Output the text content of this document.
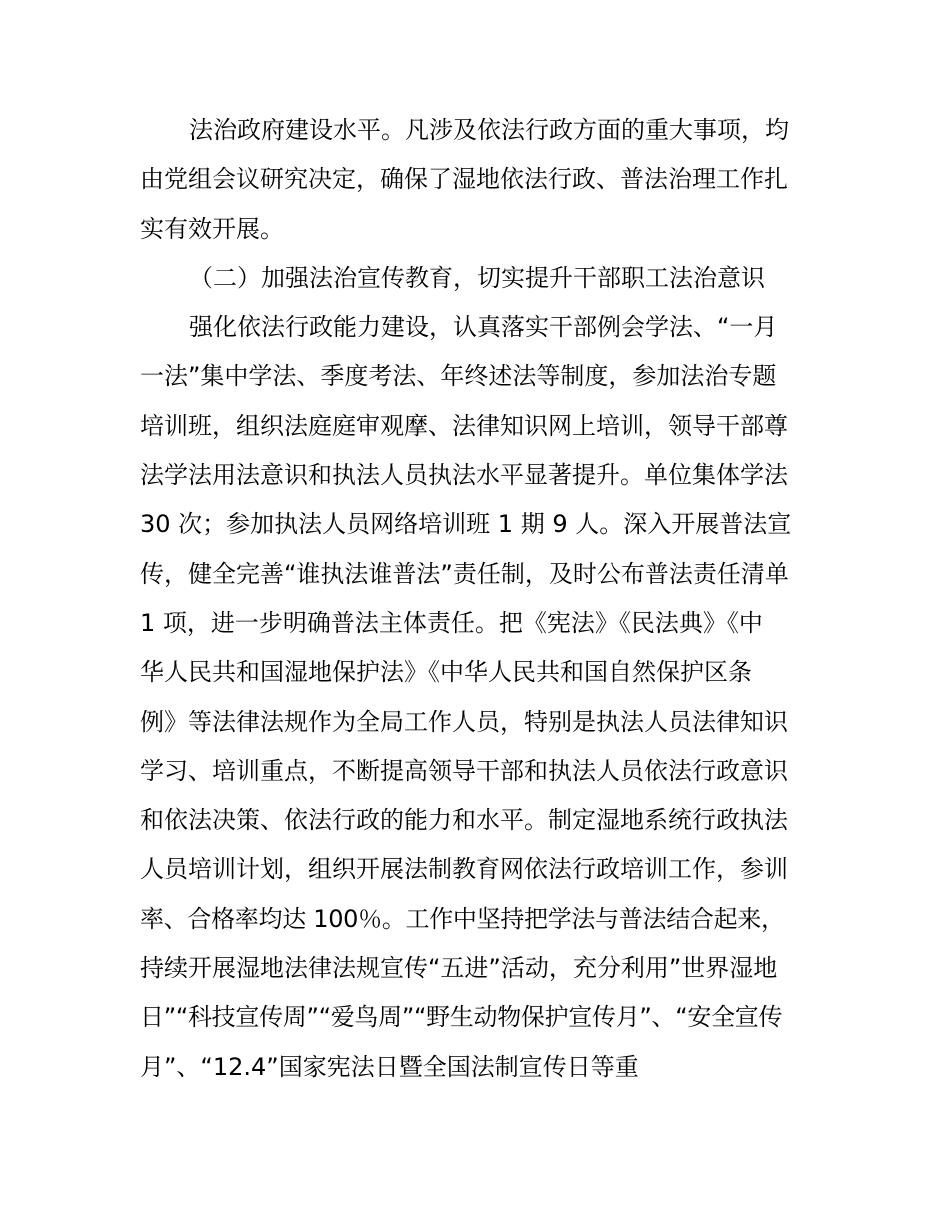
法治政府建设水平。凡涉及依法行政方面的重大事项，均
由党组会议研究决定，确保了湿地依法行政、普法治理工作扎
实有效开展。
（二）加强法治宣传教育，切实提升干部职工法治意识
强化依法行政能力建设，认真落实干部例会学法、“一月
一法”集中学法、季度考法、年终述法等制度，参加法治专题
培训班，组织法庭庭审观摩、法律知识网上培训，领导干部尊
法学法用法意识和执法人员执法水平显著提升。单位集体学法
30 次；参加执法人员网络培训班 1 期 9 人。深入开展普法宣
传，健全完善“谁执法谁普法”责任制，及时公布普法责任清单
1 项，进一步明确普法主体责任。把《宪法》《民法典》《中
华人民共和国湿地保护法》《中华人民共和国自然保护区条
例》等法律法规作为全局工作人员，特别是执法人员法律知识
学习、培训重点，不断提高领导干部和执法人员依法行政意识
和依法决策、依法行政的能力和水平。制定湿地系统行政执法
人员培训计划，组织开展法制教育网依法行政培训工作，参训
率、合格率均达 100％。工作中坚持把学法与普法结合起来，
持续开展湿地法律法规宣传“五进”活动，充分利用”世界湿地
日”“科技宣传周”“爱鸟周”“野生动物保护宣传月”、“安全宣传
月”、“12.4”国家宪法日暨全国法制宣传日等重
